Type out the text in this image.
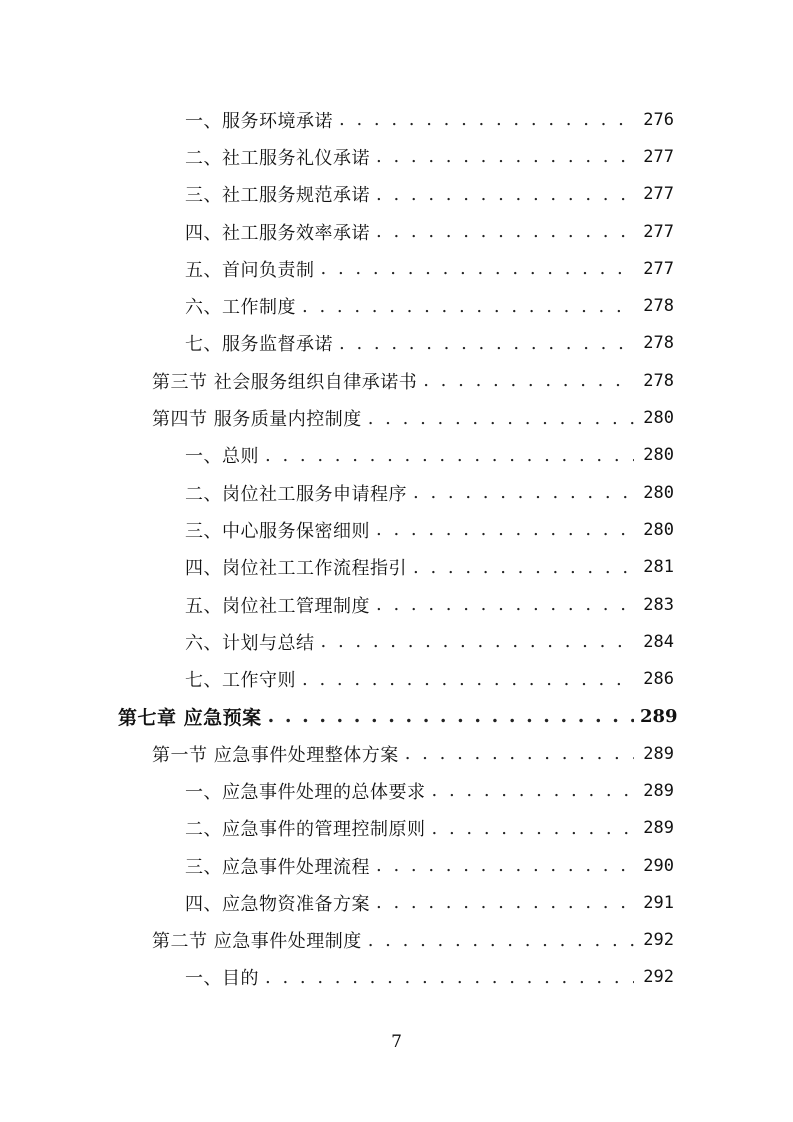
一、服务环境承诺 . . .	276
二、社工服务礼仪承诺 . . .	277
三、社工服务规范承诺 . . .	277
四、社工服务效率承诺 . . .	277
五、首问负责制 . . .	277
六、工作制度 . . .	278
七、服务监督承诺 . . .	278
第三节 社会服务组织自律承诺书 . . .	278
第四节 服务质量内控制度 . . .	280
一、总则 . . .	280
二、岗位社工服务申请程序 . . .	280
三、中心服务保密细则 . . .	280
四、岗位社工工作流程指引 . . .	281
五、岗位社工管理制度 . . .	283
六、计划与总结 . . .	284
七、工作守则 . . .	286
第七章 应急预案 . . .	289
第一节 应急事件处理整体方案 . . .	289
一、应急事件处理的总体要求 . . .	289
二、应急事件的管理控制原则 . . .	289
三、应急事件处理流程 . . .	290
四、应急物资准备方案 . . .	291
第二节 应急事件处理制度 . . .	292
一、目的 . . .	292
7
